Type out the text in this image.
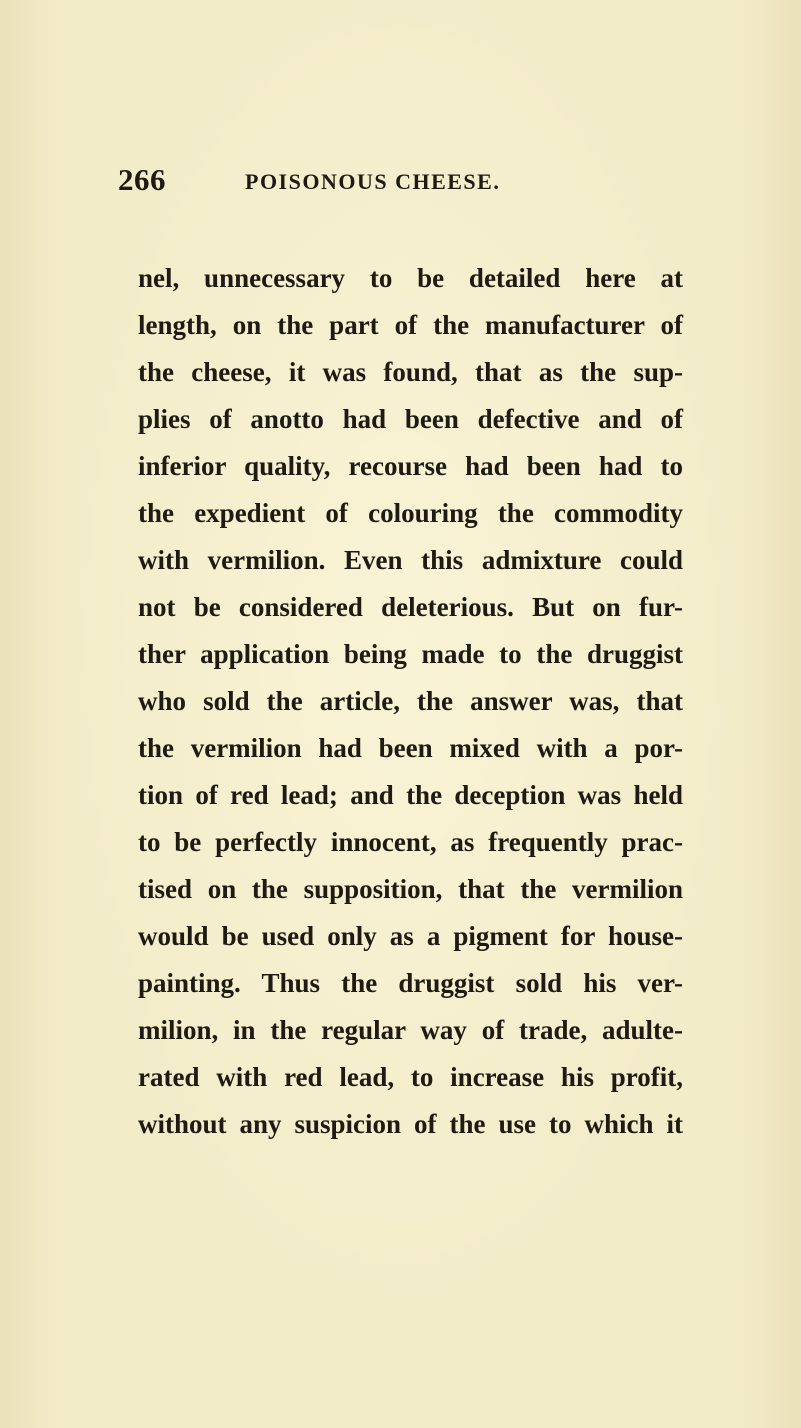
266	POISONOUS CHEESE.
nel, unnecessary to be detailed here at
length, on the part of the manufacturer of
the cheese, it was found, that as the sup-
plies of anotto had been defective and of
inferior quality, recourse had been had to
the expedient of colouring the commodity
with vermilion. Even this admixture could
not be considered deleterious. But on fur-
ther application being made to the druggist
who sold the article, the answer was, that
the vermilion had been mixed with a por-
tion of red lead; and the deception was held
to be perfectly innocent, as frequently prac-
tised on the supposition, that the vermilion
would be used only as a pigment for house-
painting. Thus the druggist sold his ver-
milion, in the regular way of trade, adulte-
rated with red lead, to increase his profit,
without any suspicion of the use to which it
